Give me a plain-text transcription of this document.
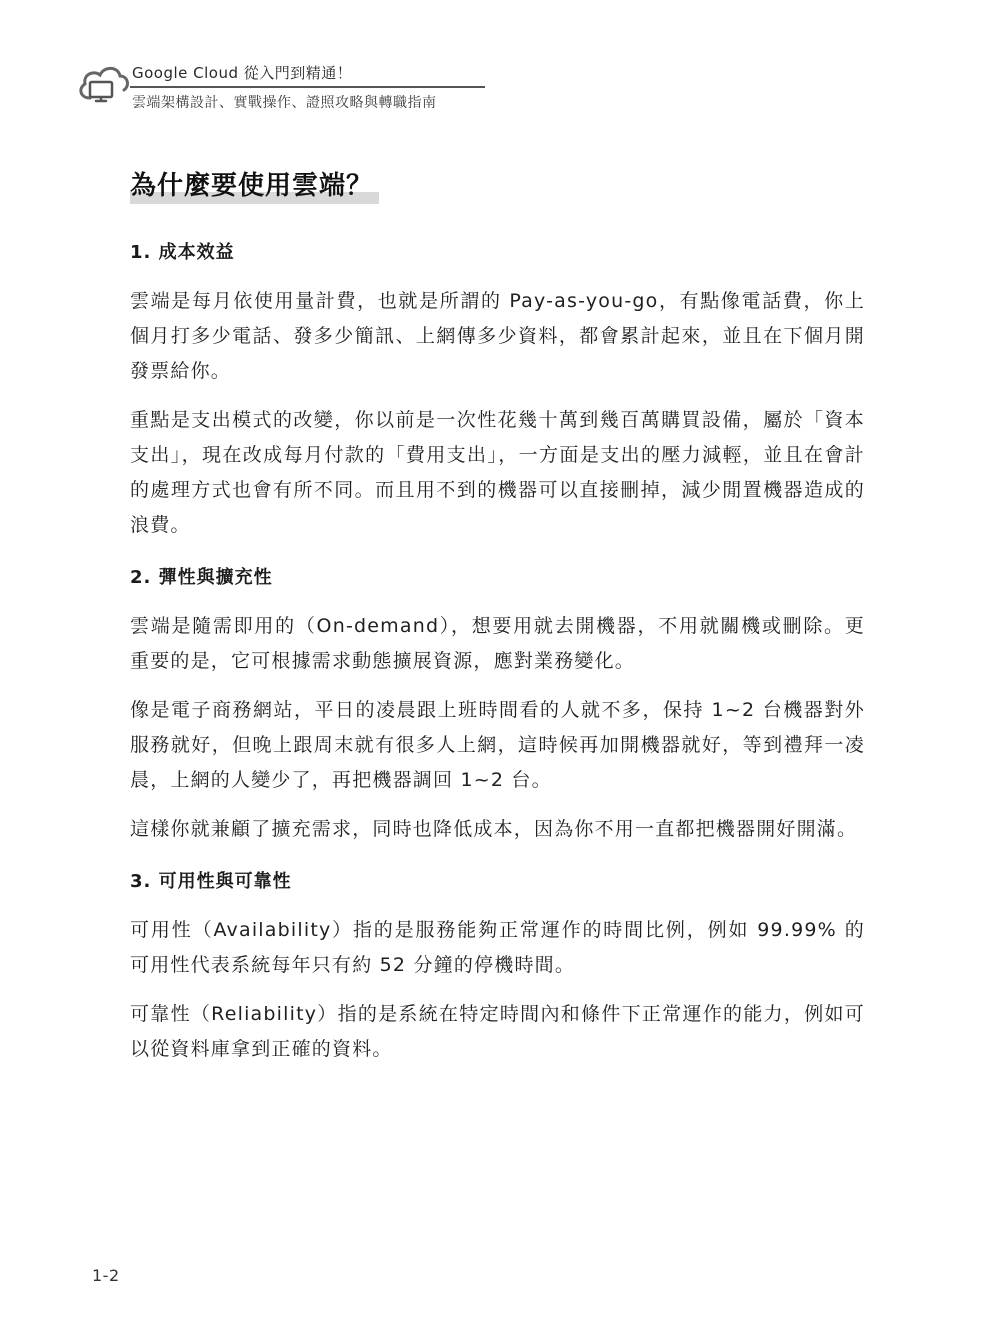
Google Cloud 從入門到精通！
雲端架構設計、實戰操作、證照攻略與轉職指南
為什麼要使用雲端？
1. 成本效益

雲端是每月依使用量計費，也就是所謂的 Pay-as-you-go，有點像電話費，你上個月打多少電話、發多少簡訊、上網傳多少資料，都會累計起來，並且在下個月開發票給你。

重點是支出模式的改變，你以前是一次性花幾十萬到幾百萬購買設備，屬於「資本支出」，現在改成每月付款的「費用支出」，一方面是支出的壓力減輕，並且在會計的處理方式也會有所不同。而且用不到的機器可以直接刪掉，減少閒置機器造成的浪費。

2. 彈性與擴充性

雲端是隨需即用的（On-demand），想要用就去開機器，不用就關機或刪除。更重要的是，它可根據需求動態擴展資源，應對業務變化。

像是電子商務網站，平日的凌晨跟上班時間看的人就不多，保持 1~2 台機器對外服務就好，但晚上跟周末就有很多人上網，這時候再加開機器就好，等到禮拜一凌晨，上網的人變少了，再把機器調回 1~2 台。

這樣你就兼顧了擴充需求，同時也降低成本，因為你不用一直都把機器開好開滿。

3. 可用性與可靠性

可用性（Availability）指的是服務能夠正常運作的時間比例，例如 99.99% 的可用性代表系統每年只有約 52 分鐘的停機時間。

可靠性（Reliability）指的是系統在特定時間內和條件下正常運作的能力，例如可以從資料庫拿到正確的資料。

1-2
